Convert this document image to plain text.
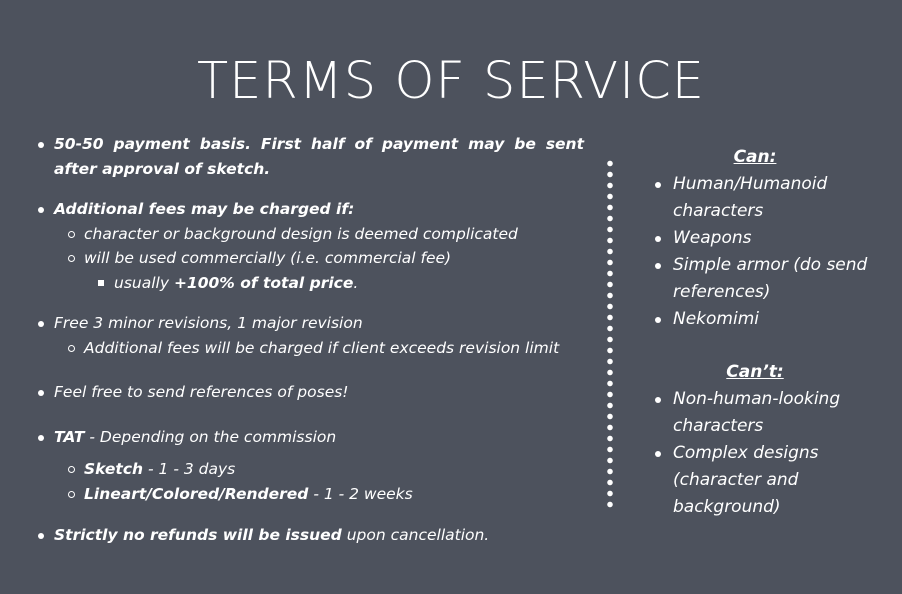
TERMS OF SERVICE
50-50 payment basis. First half of payment may be sent after approval of sketch.
Additional fees may be charged if:
character or background design is deemed complicated
will be used commercially (i.e. commercial fee)
usually +100% of total price.
Free 3 minor revisions, 1 major revision
Additional fees will be charged if client exceeds revision limit
Feel free to send references of poses!
TAT - Depending on the commission
Sketch - 1 - 3 days
Lineart/Colored/Rendered - 1 - 2 weeks
Strictly no refunds will be issued upon cancellation.
Can:
Human/Humanoid characters
Weapons
Simple armor (do send references)
Nekomimi
Can’t:
Non-human-looking characters
Complex designs (character and background)
